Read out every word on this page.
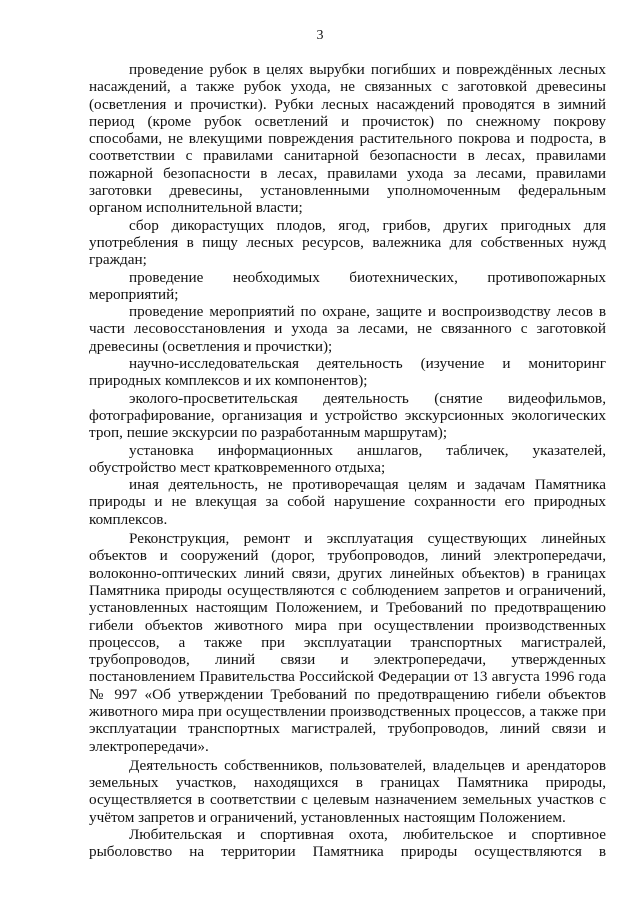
3

проведение рубок в целях вырубки погибших и повреждённых лесных насаждений, а также рубок ухода, не связанных с заготовкой древесины (осветления и прочистки). Рубки лесных насаждений проводятся в зимний период (кроме рубок осветлений и прочисток) по снежному покрову способами, не влекущими повреждения растительного покрова и подроста, в соответствии с правилами санитарной безопасности в лесах, правилами пожарной безопасности в лесах, правилами ухода за лесами, правилами заготовки древесины, установленными уполномоченным федеральным органом исполнительной власти;

сбор дикорастущих плодов, ягод, грибов, других пригодных для употребления в пищу лесных ресурсов, валежника для собственных нужд граждан;

проведение необходимых биотехнических, противопожарных мероприятий;

проведение мероприятий по охране, защите и воспроизводству лесов в части лесовосстановления и ухода за лесами, не связанного с заготовкой древесины (осветления и прочистки);

научно-исследовательская деятельность (изучение и мониторинг природных комплексов и их компонентов);

эколого-просветительская деятельность (снятие видеофильмов, фотографирование, организация и устройство экскурсионных экологических троп, пешие экскурсии по разработанным маршрутам);

установка информационных аншлагов, табличек, указателей, обустройство мест кратковременного отдыха;

иная деятельность, не противоречащая целям и задачам Памятника природы и не влекущая за собой нарушение сохранности его природных комплексов.

Реконструкция, ремонт и эксплуатация существующих линейных объектов и сооружений (дорог, трубопроводов, линий электропередачи, волоконно-оптических линий связи, других линейных объектов) в границах Памятника природы осуществляются с соблюдением запретов и ограничений, установленных настоящим Положением, и Требований по предотвращению гибели объектов животного мира при осуществлении производственных процессов, а также при эксплуатации транспортных магистралей, трубопроводов, линий связи и электропередачи, утвержденных постановлением Правительства Российской Федерации от 13 августа 1996 года № 997 «Об утверждении Требований по предотвращению гибели объектов животного мира при осуществлении производственных процессов, а также при эксплуатации транспортных магистралей, трубопроводов, линий связи и электропередачи».

Деятельность собственников, пользователей, владельцев и арендаторов земельных участков, находящихся в границах Памятника природы, осуществляется в соответствии с целевым назначением земельных участков с учётом запретов и ограничений, установленных настоящим Положением.

Любительская и спортивная охота, любительское и спортивное рыболовство на территории Памятника природы осуществляются в
